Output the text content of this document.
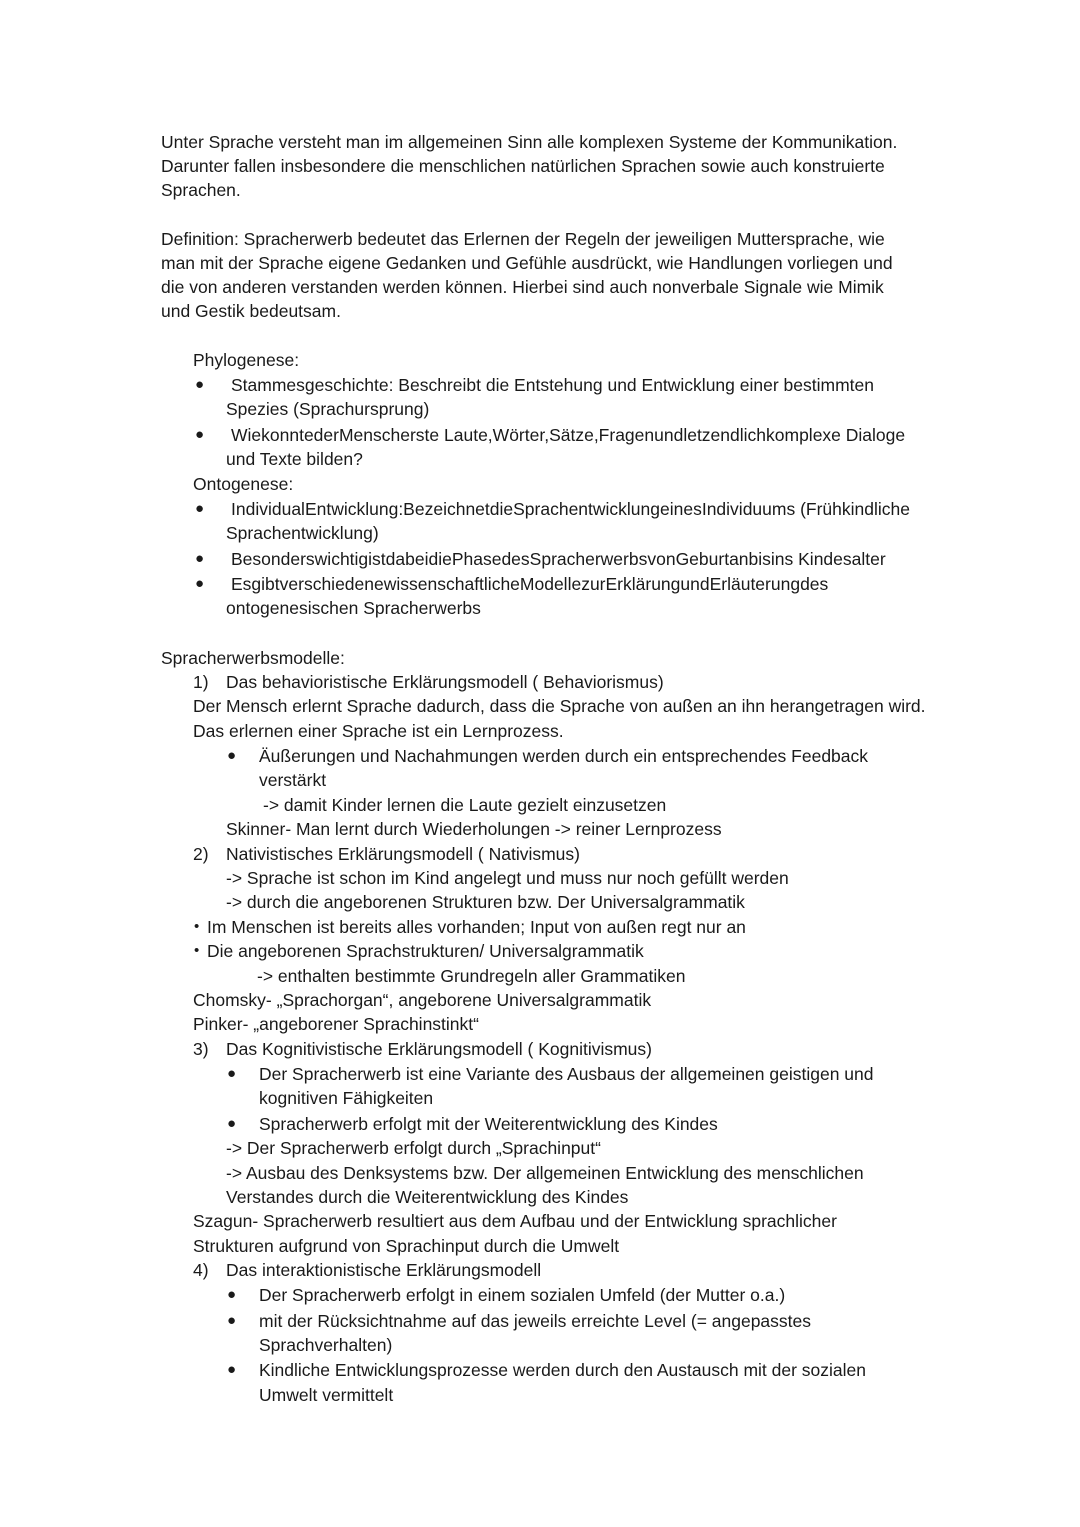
Unter Sprache versteht man im allgemeinen Sinn alle komplexen Systeme der Kommunikation.
Darunter fallen insbesondere die menschlichen natürlichen Sprachen sowie auch konstruierte
Sprachen.
Definition: Spracherwerb bedeutet das Erlernen der Regeln der jeweiligen Muttersprache, wie
man mit der Sprache eigene Gedanken und Gefühle ausdrückt, wie Handlungen vorliegen und
die von anderen verstanden werden können. Hierbei sind auch nonverbale Signale wie Mimik
und Gestik bedeutsam.
Phylogenese:
● Stammesgeschichte: Beschreibt die Entstehung und Entwicklung einer bestimmten
Spezies (Sprachursprung)
● WiekonntederMenscherste Laute,Wörter,Sätze,Fragenundletzendlichkomplexe Dialoge
und Texte bilden?
Ontogenese:
● IndividualEntwicklung:BezeichnetdieSprachentwicklungeinesIndividuums (Frühkindliche
Sprachentwicklung)
● BesonderswichtigistdabeidiePhasedesSpracherwerbsvonGeburtanbisins Kindesalter
● EsgibtverschiedenewissenschaftlicheModellezurErklärungundErläuterungdes
ontogenesischen Spracherwerbs
Spracherwerbsmodelle:
1) Das behavioristische Erklärungsmodell ( Behaviorismus)
Der Mensch erlernt Sprache dadurch, dass die Sprache von außen an ihn herangetragen wird.
Das erlernen einer Sprache ist ein Lernprozess.
● Äußerungen und Nachahmungen werden durch ein entsprechendes Feedback
verstärkt
-> damit Kinder lernen die Laute gezielt einzusetzen
Skinner- Man lernt durch Wiederholungen -> reiner Lernprozess
2) Nativistisches Erklärungsmodell ( Nativismus)
-> Sprache ist schon im Kind angelegt und muss nur noch gefüllt werden
-> durch die angeborenen Strukturen bzw. Der Universalgrammatik
• Im Menschen ist bereits alles vorhanden; Input von außen regt nur an
• Die angeborenen Sprachstrukturen/ Universalgrammatik
-> enthalten bestimmte Grundregeln aller Grammatiken
Chomsky- „Sprachorgan“, angeborene Universalgrammatik
Pinker- „angeborener Sprachinstinkt“
3) Das Kognitivistische Erklärungsmodell ( Kognitivismus)
● Der Spracherwerb ist eine Variante des Ausbaus der allgemeinen geistigen und
kognitiven Fähigkeiten
● Spracherwerb erfolgt mit der Weiterentwicklung des Kindes
-> Der Spracherwerb erfolgt durch „Sprachinput“
-> Ausbau des Denksystems bzw. Der allgemeinen Entwicklung des menschlichen
Verstandes durch die Weiterentwicklung des Kindes
Szagun- Spracherwerb resultiert aus dem Aufbau und der Entwicklung sprachlicher
Strukturen aufgrund von Sprachinput durch die Umwelt
4) Das interaktionistische Erklärungsmodell
● Der Spracherwerb erfolgt in einem sozialen Umfeld (der Mutter o.a.)
● mit der Rücksichtnahme auf das jeweils erreichte Level (= angepasstes
Sprachverhalten)
● Kindliche Entwicklungsprozesse werden durch den Austausch mit der sozialen
Umwelt vermittelt
